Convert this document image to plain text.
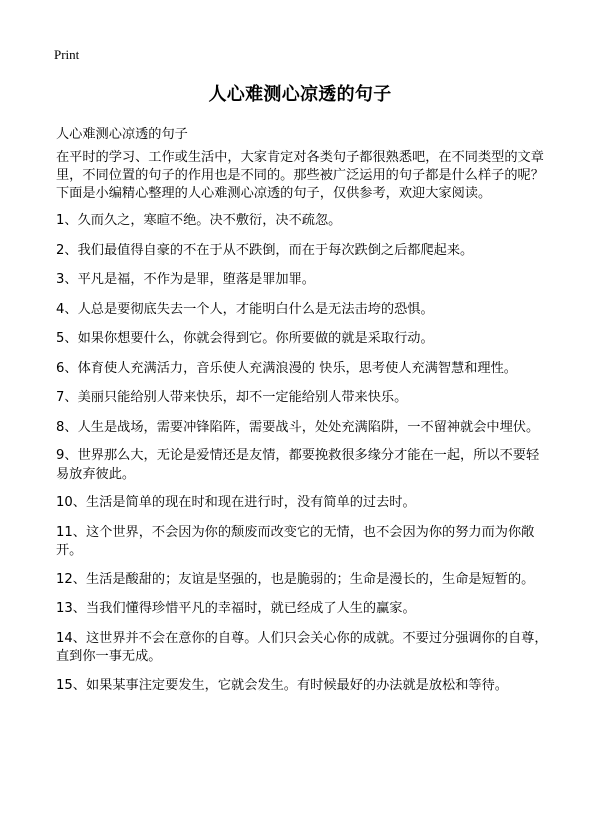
Print
人心难测心凉透的句子

人心难测心凉透的句子

在平时的学习、工作或生活中，大家肯定对各类句子都很熟悉吧，在不同类型的文章里，不同位置的句子的作用也是不同的。那些被广泛运用的句子都是什么样子的呢？下面是小编精心整理的人心难测心凉透的句子，仅供参考，欢迎大家阅读。

1、久而久之，寒暄不绝。决不敷衍，决不疏忽。
2、我们最值得自豪的不在于从不跌倒，而在于每次跌倒之后都爬起来。
3、平凡是福，不作为是罪，堕落是罪加罪。
4、人总是要彻底失去一个人，才能明白什么是无法击垮的恐惧。
5、如果你想要什么，你就会得到它。你所要做的就是采取行动。
6、体育使人充满活力，音乐使人充满浪漫的 快乐，思考使人充满智慧和理性。
7、美丽只能给别人带来快乐，却不一定能给别人带来快乐。
8、人生是战场，需要冲锋陷阵，需要战斗，处处充满陷阱，一不留神就会中埋伏。
9、世界那么大，无论是爱情还是友情，都要挽救很多缘分才能在一起，所以不要轻易放弃彼此。
10、生活是简单的现在时和现在进行时，没有简单的过去时。
11、这个世界，不会因为你的颓废而改变它的无情，也不会因为你的努力而为你敞开。
12、生活是酸甜的；友谊是坚强的，也是脆弱的；生命是漫长的，生命是短暂的。
13、当我们懂得珍惜平凡的幸福时，就已经成了人生的赢家。
14、这世界并不会在意你的自尊。人们只会关心你的成就。不要过分强调你的自尊，直到你一事无成。
15、如果某事注定要发生，它就会发生。有时候最好的办法就是放松和等待。
